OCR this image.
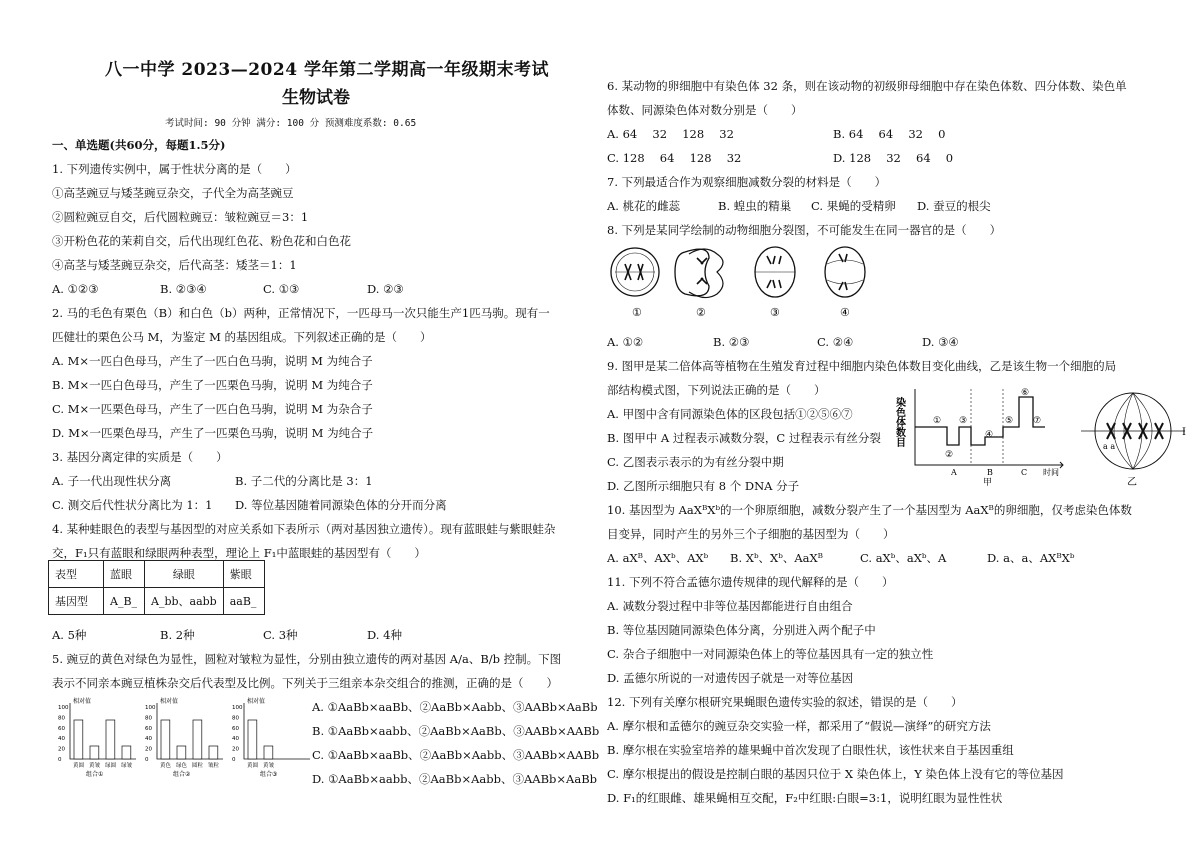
八一中学 2023—2024 学年第二学期高一年级期末考试
生物试卷
考试时间: 90 分钟 满分: 100 分 预测难度系数: 0.65
一、单选题(共60分，每题1.5分)
1. 下列遗传实例中，属于性状分离的是（　　）
①高茎豌豆与矮茎豌豆杂交，子代全为高茎豌豆
②圆粒豌豆自交，后代圆粒豌豆：皱粒豌豆＝3：1
③开粉色花的茉莉自交，后代出现红色花、粉色花和白色花
④高茎与矮茎豌豆杂交，后代高茎：矮茎＝1：1
A. ①②③	B. ②③④	C. ①③	D. ②③
2. 马的毛色有栗色（B）和白色（b）两种，正常情况下，一匹母马一次只能生产1匹马驹。现有一
匹健壮的栗色公马 M，为鉴定 M 的基因组成。下列叙述正确的是（　　）
A. M×一匹白色母马，产生了一匹白色马驹，说明 M 为纯合子
B. M×一匹白色母马，产生了一匹栗色马驹，说明 M 为纯合子
C. M×一匹栗色母马，产生了一匹白色马驹，说明 M 为杂合子
D. M×一匹栗色母马，产生了一匹栗色马驹，说明 M 为纯合子
3. 基因分离定律的实质是（　　）
A. 子一代出现性状分离	B. 子二代的分离比是 3：1
C. 测交后代性状分离比为 1：1 D. 等位基因随着同源染色体的分开而分离
4. 某种蛙眼色的表型与基因型的对应关系如下表所示（两对基因独立遗传）。现有蓝眼蛙与紫眼蛙杂
交，F₁只有蓝眼和绿眼两种表型，理论上 F₁中蓝眼蛙的基因型有（　　）
表型	蓝眼	绿眼	紫眼
基因型	A_B_	A_bb、aabb	aaB_
A. 5种	B. 2种	C. 3种	D. 4种
5. 豌豆的黄色对绿色为显性，圆粒对皱粒为显性，分别由独立遗传的两对基因 A/a、B/b 控制。下图
表示不同亲本豌豆植株杂交后代表型及比例。下列关于三组亲本杂交组合的推测，正确的是（　　）
相对值
100
80
60
40
20
0
黄圆 黄皱 绿圆 绿皱
组合①
相对值
100
80
60
40
20
0
黄色 绿色 圆粒 皱粒
组合②
相对值
100
80
60
40
20
0
黄圆 黄皱
组合③
A. ①AaBb×aaBb、②AaBb×Aabb、③AABb×AaBb
B. ①AaBb×aabb、②AaBb×AaBb、③AABb×AABb
C. ①AaBb×aaBb、②AaBb×Aabb、③AABb×AABb
D. ①AaBb×aabb、②AaBb×Aabb、③AABb×AaBb
6. 某动物的卵细胞中有染色体 32 条，则在该动物的初级卵母细胞中存在染色体数、四分体数、染色单
体数、同源染色体对数分别是（　　）
A. 64　 32　 128　 32	B. 64　 64　 32　 0
C. 128　 64　 128　 32	D. 128　 32　 64　 0
7. 下列最适合作为观察细胞减数分裂的材料是（　　）
A. 桃花的雌蕊	B. 蝗虫的精巢 C. 果蝇的受精卵 D. 蚕豆的根尖
8. 下列是某同学绘制的动物细胞分裂图，不可能发生在同一器官的是（　　）
①	②	③	④
A. ①②	B. ②③	C. ②④	D. ③④
9. 图甲是某二倍体高等植物在生殖发育过程中细胞内染色体数目变化曲线，乙是该生物一个细胞的局
部结构模式图，下列说法正确的是（　　）
A. 甲图中含有同源染色体的区段包括①②⑤⑥⑦
B. 图甲中 A 过程表示减数分裂，C 过程表示有丝分裂
C. 乙图表示表示的为有丝分裂中期
D. 乙图所示细胞只有 8 个 DNA 分子
染色体数目	①
②
③
④
⑤
⑥
⑦
A	B	C 时间
甲
I
a a
乙
10. 基因型为 AaXᴮXᵇ的一个卵原细胞，减数分裂产生了一个基因型为 AaXᴮ的卵细胞，仅考虑染色体数
目变异，同时产生的另外三个子细胞的基因型为（　　）
A. aXᴮ、AXᵇ、AXᵇ B. Xᵇ、Xᵇ、AaXᴮ	C. aXᵇ、aXᵇ、A	D. a、a、AXᴮXᵇ
11. 下列不符合孟德尔遗传规律的现代解释的是（　　）
A. 减数分裂过程中非等位基因都能进行自由组合
B. 等位基因随同源染色体分离，分别进入两个配子中
C. 杂合子细胞中一对同源染色体上的等位基因具有一定的独立性
D. 孟德尔所说的一对遗传因子就是一对等位基因
12. 下列有关摩尔根研究果蝇眼色遗传实验的叙述，错误的是（　　）
A. 摩尔根和孟德尔的豌豆杂交实验一样，都采用了“假说—演绎”的研究方法
B. 摩尔根在实验室培养的雄果蝇中首次发现了白眼性状，该性状来自于基因重组
C. 摩尔根提出的假设是控制白眼的基因只位于 X 染色体上，Y 染色体上没有它的等位基因
D. F₁的红眼雌、雄果蝇相互交配，F₂中红眼:白眼=3:1，说明红眼为显性性状
